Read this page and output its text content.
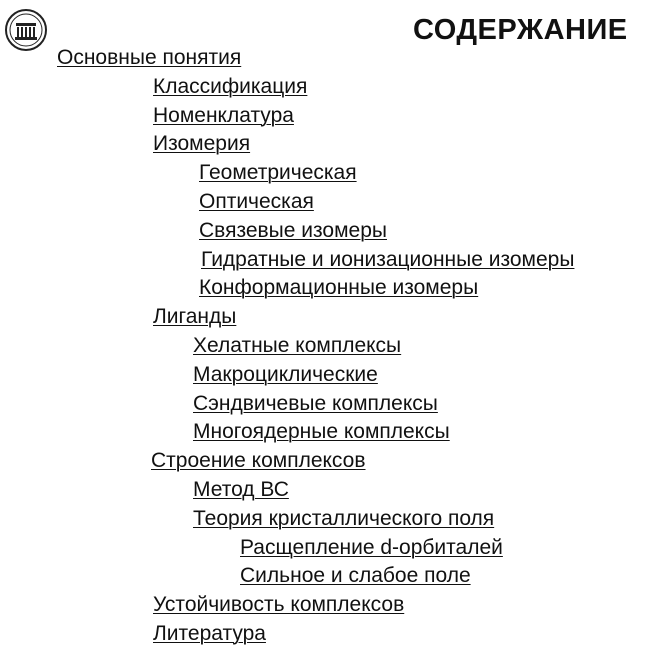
СОДЕРЖАНИЕ
Основные понятия
Классификация
Номенклатура
Изомерия
Геометрическая
Оптическая
Связевые изомеры
Гидратные и ионизационные изомеры
Конформационные изомеры
Лиганды
Хелатные комплексы
Макроциклические
Сэндвичевые комплексы
Многоядерные комплексы
Строение комплексов
Метод ВС
Теория кристаллического поля
Расщепление d-орбиталей
Сильное и слабое поле
Устойчивость комплексов
Литература
